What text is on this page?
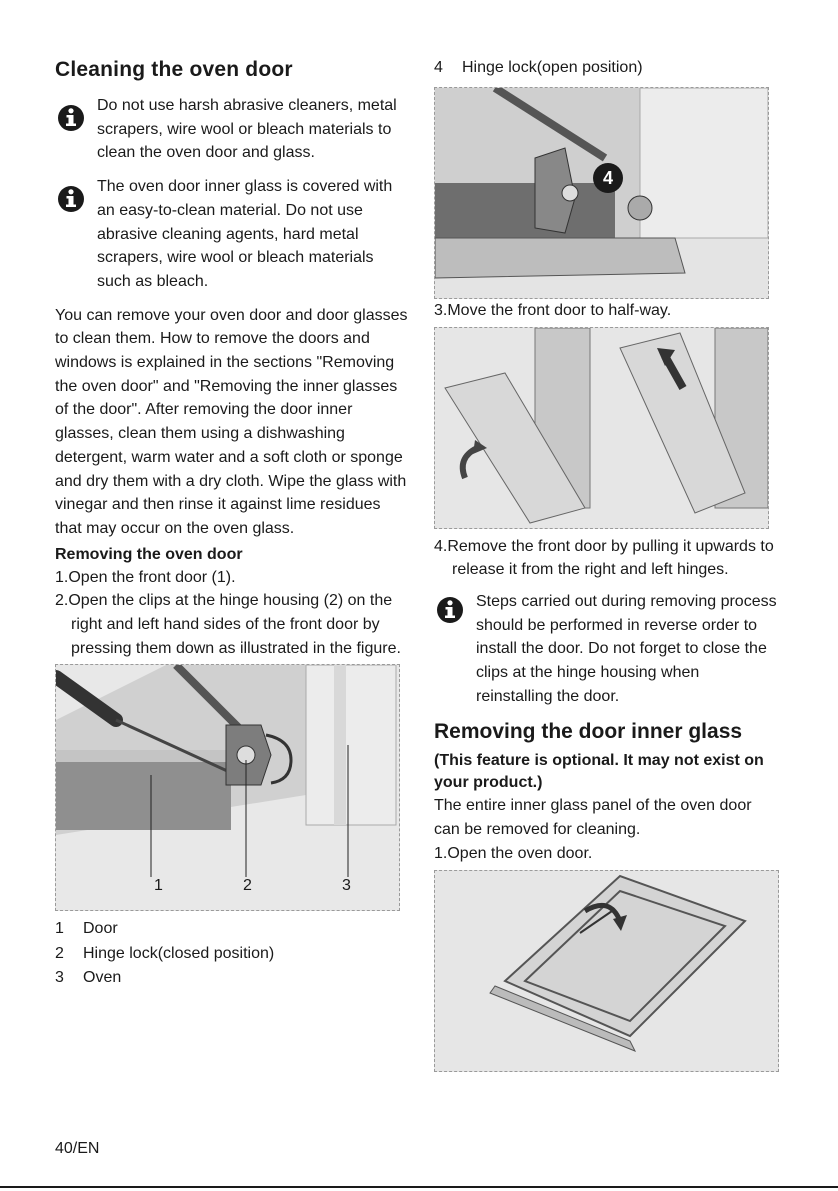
Cleaning the oven door

Do not use harsh abrasive cleaners, metal scrapers, wire wool or bleach materials to clean the oven door and glass.

The oven door inner glass is covered with an easy-to-clean material. Do not use abrasive cleaning agents, hard metal scrapers, wire wool or bleach materials such as bleach.

You can remove your oven door and door glasses to clean them. How to remove the doors and windows is explained in the sections "Removing the oven door" and "Removing the inner glasses of the door". After removing the door inner glasses, clean them using a dishwashing detergent, warm water and a soft cloth or sponge and dry them with a dry cloth. Wipe the glass with vinegar and then rinse it against lime residues that may occur on the oven glass.

Removing the oven door
1.Open the front door (1).
2.Open the clips at the hinge housing (2) on the right and left hand sides of the front door by pressing them down as illustrated in the figure.
1	2	3
1 Door
2 Hinge lock(closed position)
3 Oven
4 Hinge lock(open position)
4
3.Move the front door to half-way.
4.Remove the front door by pulling it upwards to release it from the right and left hinges.

Steps carried out during removing process should be performed in reverse order to install the door. Do not forget to close the clips at the hinge housing when reinstalling the door.

Removing the door inner glass
(This feature is optional. It may not exist on your product.)

The entire inner glass panel of the oven door can be removed for cleaning.

1.Open the oven door.
40/EN
